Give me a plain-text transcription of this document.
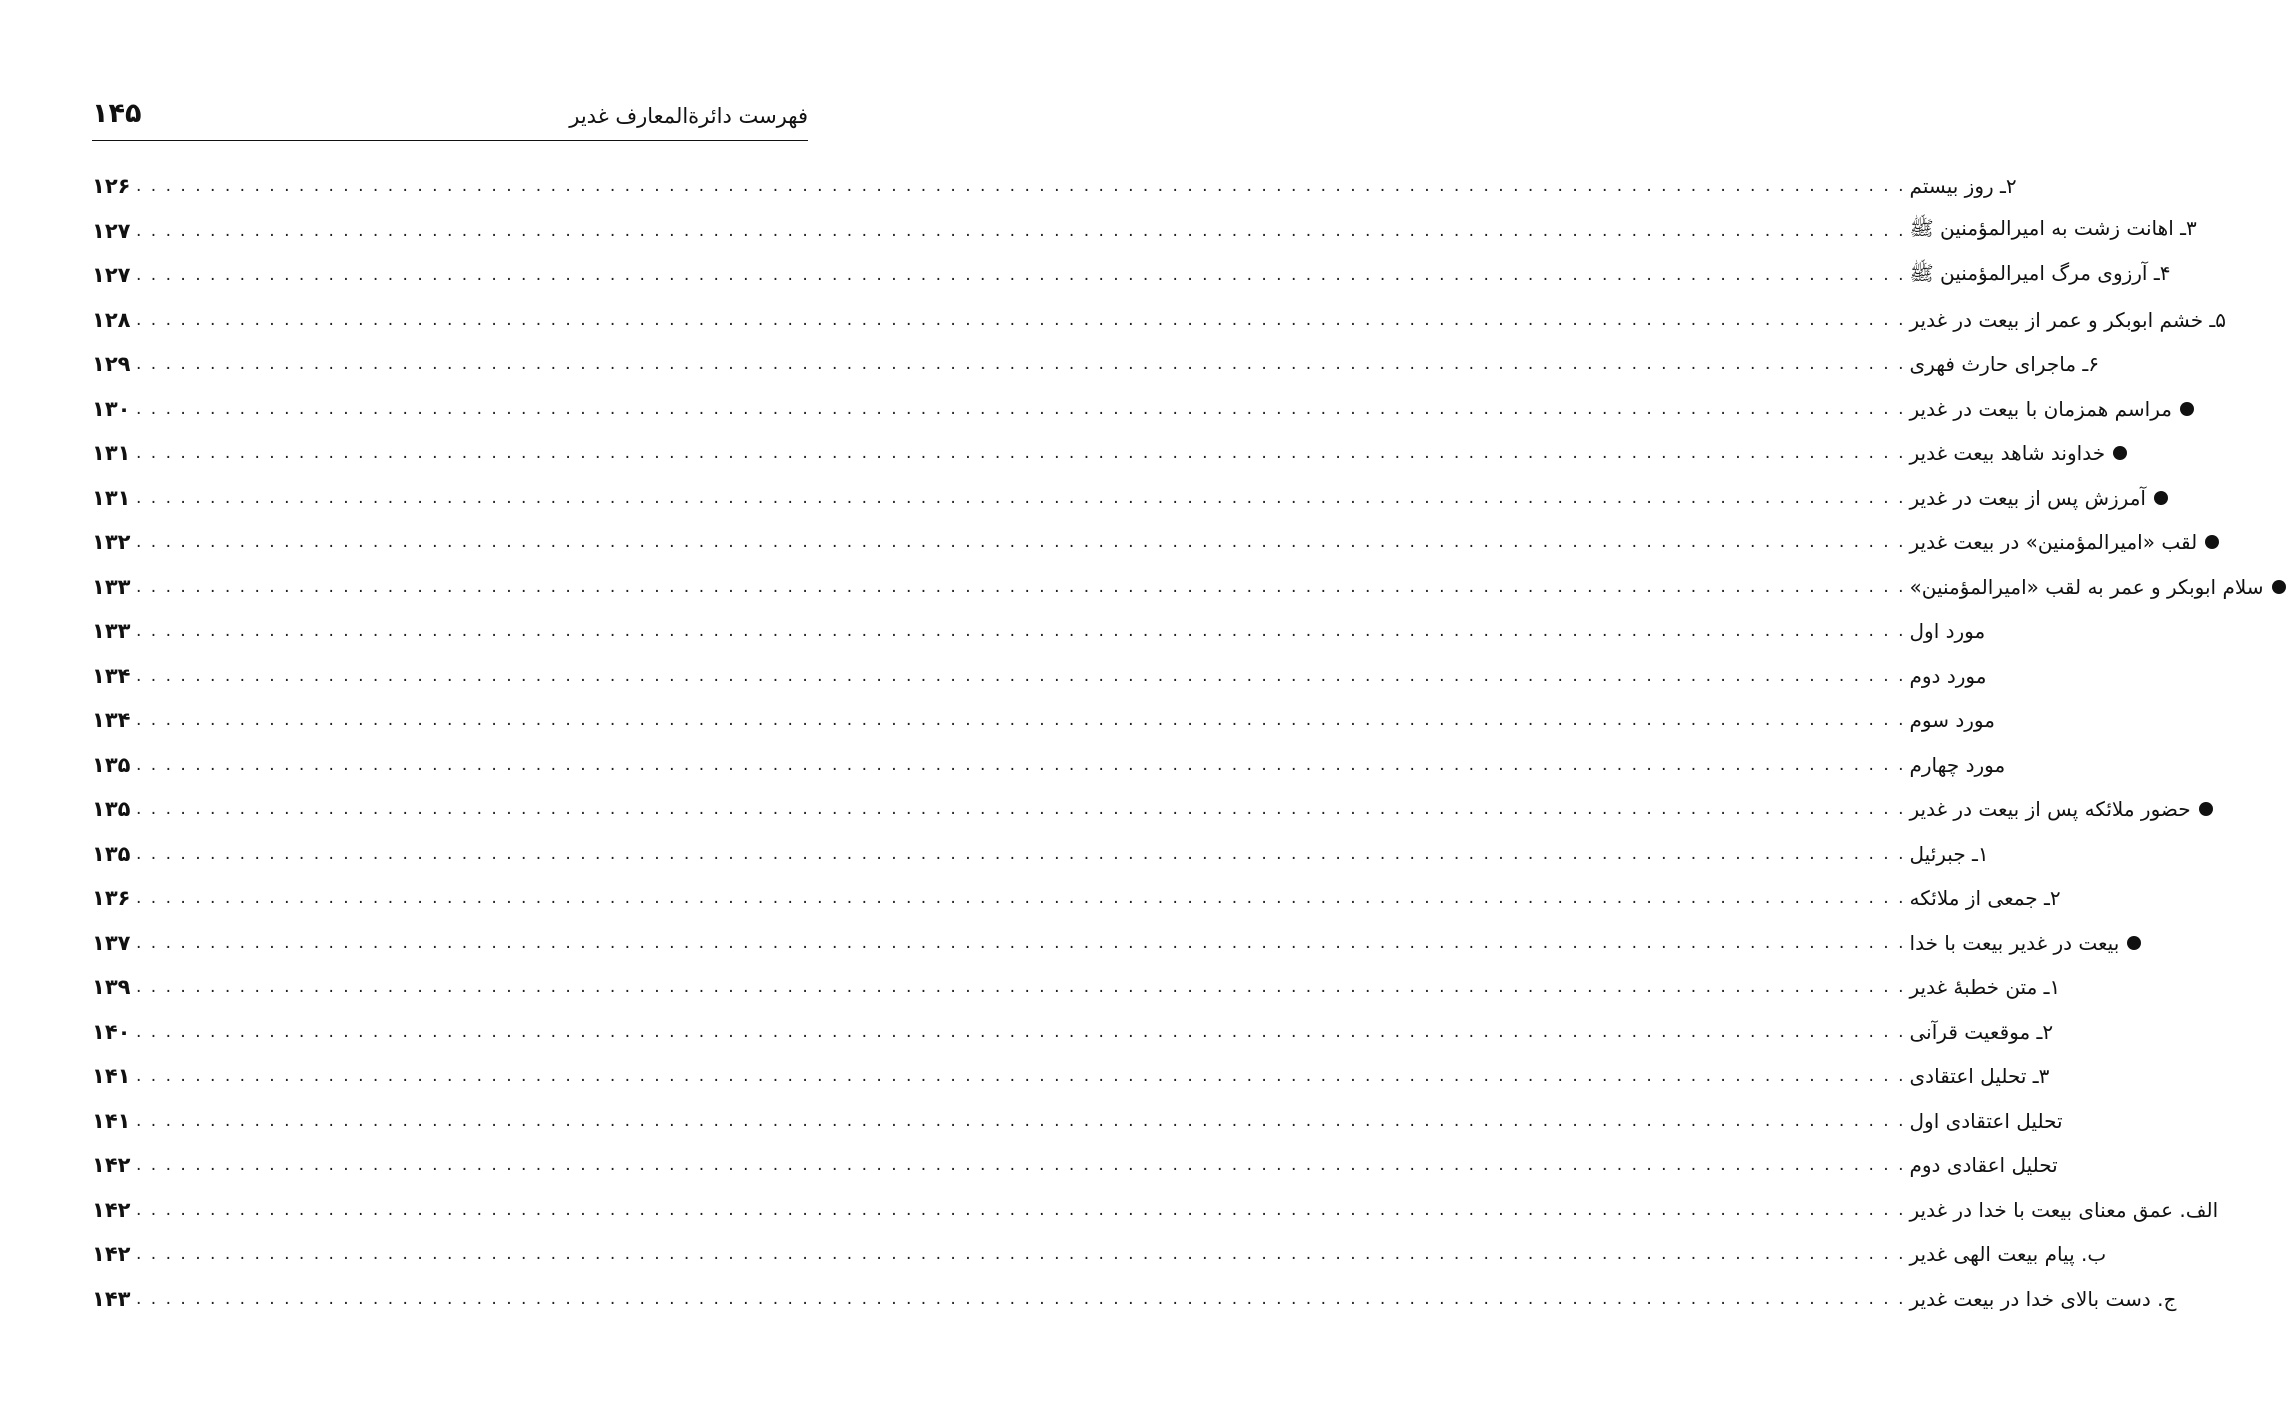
فهرست دائرةالمعارف غدیر
۱۴۵
۱۲۶ . . . . . . . . . . . . . . . . . . . . . . . . . . . . . . . . . . . . . . . . . . . . . . . . . . . . . . . . . . . . . . . . . . . . . . . . . . . . . . . . . . . . . . . . . . . . . . . . . . . . . . . . . . . . . . . . . . . . . . . . ۲ـ روز بیستم
۱۲۷ . . . . . . . . . . . . . . . . . . . . . . . . . . . . . . . . . . . . . . . . . . . . . . . . . . . . . . . . . . . . . . . . . . . . . . . . . . . . . . . . . . . . . . . . . . . . . . . . . . . . . . . . . . . . . . . . . . . . . . . . ۳ـ اهانت زشت به امیرالمؤمنین ﷺ
۱۲۷ . . . . . . . . . . . . . . . . . . . . . . . . . . . . . . . . . . . . . . . . . . . . . . . . . . . . . . . . . . . . . . . . . . . . . . . . . . . . . . . . . . . . . . . . . . . . . . . . . . . . . . . . . . . . . . . . . . . . . . . . ۴ـ آرزوی مرگ امیرالمؤمنین ﷺ
۱۲۸ . . . . . . . . . . . . . . . . . . . . . . . . . . . . . . . . . . . . . . . . . . . . . . . . . . . . . . . . . . . . . . . . . . . . . . . . . . . . . . . . . . . . . . . . . . . . . . . . . . . . . . . . . . . . . . . . . . . . . . . . ۵ـ خشم ابوبکر و عمر از بیعت در غدیر
۱۲۹ . . . . . . . . . . . . . . . . . . . . . . . . . . . . . . . . . . . . . . . . . . . . . . . . . . . . . . . . . . . . . . . . . . . . . . . . . . . . . . . . . . . . . . . . . . . . . . . . . . . . . . . . . . . . . . . . . . . . . . . . ۶ـ ماجرای حارث فهری
۱۳۰ . . . . . . . . . . . . . . . . . . . . . . . . . . . . . . . . . . . . . . . . . . . . . . . . . . . . . . . . . . . . . . . . . . . . . . . . . . . . . . . . . . . . . . . . . . . . . . . . . . . . . . . . . . . . . . . . . . . . . . . . مراسم همزمان با بیعت در غدیر
۱۳۱ . . . . . . . . . . . . . . . . . . . . . . . . . . . . . . . . . . . . . . . . . . . . . . . . . . . . . . . . . . . . . . . . . . . . . . . . . . . . . . . . . . . . . . . . . . . . . . . . . . . . . . . . . . . . . . . . . . . . . . . . خداوند شاهد بیعت غدیر
۱۳۱ . . . . . . . . . . . . . . . . . . . . . . . . . . . . . . . . . . . . . . . . . . . . . . . . . . . . . . . . . . . . . . . . . . . . . . . . . . . . . . . . . . . . . . . . . . . . . . . . . . . . . . . . . . . . . . . . . . . . . . . . آمرزش پس از بیعت در غدیر
۱۳۲ . . . . . . . . . . . . . . . . . . . . . . . . . . . . . . . . . . . . . . . . . . . . . . . . . . . . . . . . . . . . . . . . . . . . . . . . . . . . . . . . . . . . . . . . . . . . . . . . . . . . . . . . . . . . . . . . . . . . . . . . لقب «امیرالمؤمنین» در بیعت غدیر
۱۳۳ . . . . . . . . . . . . . . . . . . . . . . . . . . . . . . . . . . . . . . . . . . . . . . . . . . . . . . . . . . . . . . . . . . . . . . . . . . . . . . . . . . . . . . . . . . . . . . . . . . . . . . . . . . . . . . . . . . . . . . . . سلام ابوبکر و عمر به لقب «امیرالمؤمنین»
۱۳۳ . . . . . . . . . . . . . . . . . . . . . . . . . . . . . . . . . . . . . . . . . . . . . . . . . . . . . . . . . . . . . . . . . . . . . . . . . . . . . . . . . . . . . . . . . . . . . . . . . . . . . . . . . . . . . . . . . . . . . . . . مورد اول
۱۳۴ . . . . . . . . . . . . . . . . . . . . . . . . . . . . . . . . . . . . . . . . . . . . . . . . . . . . . . . . . . . . . . . . . . . . . . . . . . . . . . . . . . . . . . . . . . . . . . . . . . . . . . . . . . . . . . . . . . . . . . . . مورد دوم
۱۳۴ . . . . . . . . . . . . . . . . . . . . . . . . . . . . . . . . . . . . . . . . . . . . . . . . . . . . . . . . . . . . . . . . . . . . . . . . . . . . . . . . . . . . . . . . . . . . . . . . . . . . . . . . . . . . . . . . . . . . . . . . مورد سوم
۱۳۵ . . . . . . . . . . . . . . . . . . . . . . . . . . . . . . . . . . . . . . . . . . . . . . . . . . . . . . . . . . . . . . . . . . . . . . . . . . . . . . . . . . . . . . . . . . . . . . . . . . . . . . . . . . . . . . . . . . . . . . . . مورد چهارم
۱۳۵ . . . . . . . . . . . . . . . . . . . . . . . . . . . . . . . . . . . . . . . . . . . . . . . . . . . . . . . . . . . . . . . . . . . . . . . . . . . . . . . . . . . . . . . . . . . . . . . . . . . . . . . . . . . . . . . . . . . . . . . . حضور ملائکه پس از بیعت در غدیر
۱۳۵ . . . . . . . . . . . . . . . . . . . . . . . . . . . . . . . . . . . . . . . . . . . . . . . . . . . . . . . . . . . . . . . . . . . . . . . . . . . . . . . . . . . . . . . . . . . . . . . . . . . . . . . . . . . . . . . . . . . . . . . . ۱ـ جبرئیل
۱۳۶ . . . . . . . . . . . . . . . . . . . . . . . . . . . . . . . . . . . . . . . . . . . . . . . . . . . . . . . . . . . . . . . . . . . . . . . . . . . . . . . . . . . . . . . . . . . . . . . . . . . . . . . . . . . . . . . . . . . . . . . . ۲ـ جمعی از ملائکه
۱۳۷ . . . . . . . . . . . . . . . . . . . . . . . . . . . . . . . . . . . . . . . . . . . . . . . . . . . . . . . . . . . . . . . . . . . . . . . . . . . . . . . . . . . . . . . . . . . . . . . . . . . . . . . . . . . . . . . . . . . . . . . . بیعت در غدیر بیعت با خدا
۱۳۹ . . . . . . . . . . . . . . . . . . . . . . . . . . . . . . . . . . . . . . . . . . . . . . . . . . . . . . . . . . . . . . . . . . . . . . . . . . . . . . . . . . . . . . . . . . . . . . . . . . . . . . . . . . . . . . . . . . . . . . . . ۱ـ متن خطبهٔ غدیر
۱۴۰ . . . . . . . . . . . . . . . . . . . . . . . . . . . . . . . . . . . . . . . . . . . . . . . . . . . . . . . . . . . . . . . . . . . . . . . . . . . . . . . . . . . . . . . . . . . . . . . . . . . . . . . . . . . . . . . . . . . . . . . . ۲ـ موقعیت قرآنی
۱۴۱ . . . . . . . . . . . . . . . . . . . . . . . . . . . . . . . . . . . . . . . . . . . . . . . . . . . . . . . . . . . . . . . . . . . . . . . . . . . . . . . . . . . . . . . . . . . . . . . . . . . . . . . . . . . . . . . . . . . . . . . . ۳ـ تحلیل اعتقادی
۱۴۱ . . . . . . . . . . . . . . . . . . . . . . . . . . . . . . . . . . . . . . . . . . . . . . . . . . . . . . . . . . . . . . . . . . . . . . . . . . . . . . . . . . . . . . . . . . . . . . . . . . . . . . . . . . . . . . . . . . . . . . . . تحلیل اعتقادی اول
۱۴۲ . . . . . . . . . . . . . . . . . . . . . . . . . . . . . . . . . . . . . . . . . . . . . . . . . . . . . . . . . . . . . . . . . . . . . . . . . . . . . . . . . . . . . . . . . . . . . . . . . . . . . . . . . . . . . . . . . . . . . . . . تحلیل اعقادی دوم
۱۴۲ . . . . . . . . . . . . . . . . . . . . . . . . . . . . . . . . . . . . . . . . . . . . . . . . . . . . . . . . . . . . . . . . . . . . . . . . . . . . . . . . . . . . . . . . . . . . . . . . . . . . . . . . . . . . . . . . . . . . . . . . الف. عمق معنای بیعت با خدا در غدیر
۱۴۲ . . . . . . . . . . . . . . . . . . . . . . . . . . . . . . . . . . . . . . . . . . . . . . . . . . . . . . . . . . . . . . . . . . . . . . . . . . . . . . . . . . . . . . . . . . . . . . . . . . . . . . . . . . . . . . . . . . . . . . . . ب. پیام بیعت الهی غدیر
۱۴۳ . . . . . . . . . . . . . . . . . . . . . . . . . . . . . . . . . . . . . . . . . . . . . . . . . . . . . . . . . . . . . . . . . . . . . . . . . . . . . . . . . . . . . . . . . . . . . . . . . . . . . . . . . . . . . . . . . . . . . . . . ج. دست بالای خدا در بیعت غدیر
